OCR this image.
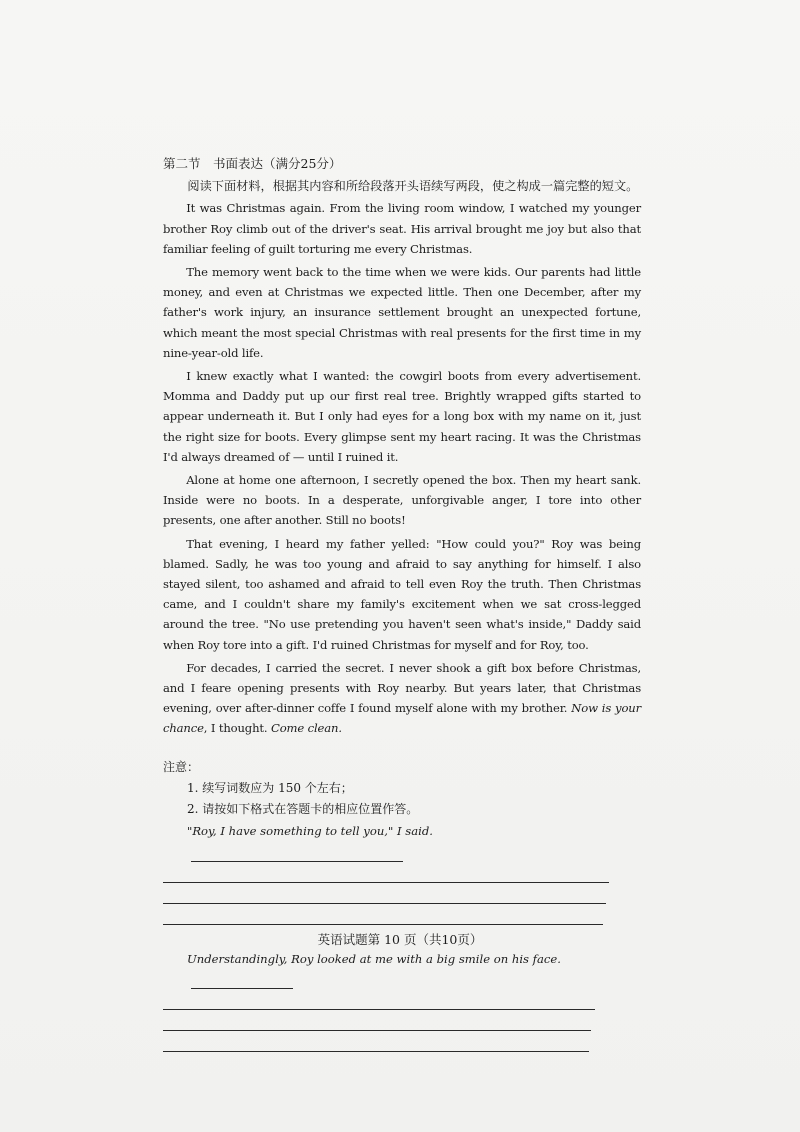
第二节　书面表达（满分25分）
阅读下面材料，根据其内容和所给段落开头语续写两段，使之构成一篇完整的短文。

It was Christmas again. From the living room window, I watched my younger brother Roy climb out of the driver's seat. His arrival brought me joy but also that familiar feeling of guilt torturing me every Christmas.

The memory went back to the time when we were kids. Our parents had little money, and even at Christmas we expected little. Then one December, after my father's work injury, an insurance settlement brought an unexpected fortune, which meant the most special Christmas with real presents for the first time in my nine-year-old life.

I knew exactly what I wanted: the cowgirl boots from every advertisement. Momma and Daddy put up our first real tree. Brightly wrapped gifts started to appear underneath it. But I only had eyes for a long box with my name on it, just the right size for boots. Every glimpse sent my heart racing. It was the Christmas I'd always dreamed of — until I ruined it.

Alone at home one afternoon, I secretly opened the box. Then my heart sank. Inside were no boots. In a desperate, unforgivable anger, I tore into other presents, one after another. Still no boots!

That evening, I heard my father yelled: "How could you?" Roy was being blamed. Sadly, he was too young and afraid to say anything for himself. I also stayed silent, too ashamed and afraid to tell even Roy the truth. Then Christmas came, and I couldn't share my family's excitement when we sat cross-legged around the tree. "No use pretending you haven't seen what's inside," Daddy said when Roy tore into a gift. I'd ruined Christmas for myself and for Roy, too.

For decades, I carried the secret. I never shook a gift box before Christmas, and I feare opening presents with Roy nearby. But years later, that Christmas evening, over after-dinner coffe I found myself alone with my brother. Now is your chance, I thought. Come clean.

注意：
1. 续写词数应为 150 个左右；
2. 请按如下格式在答题卡的相应位置作答。
"Roy, I have something to tell you," I said.
Understandingly, Roy looked at me with a big smile on his face.
英语试题第 10 页（共10页）
